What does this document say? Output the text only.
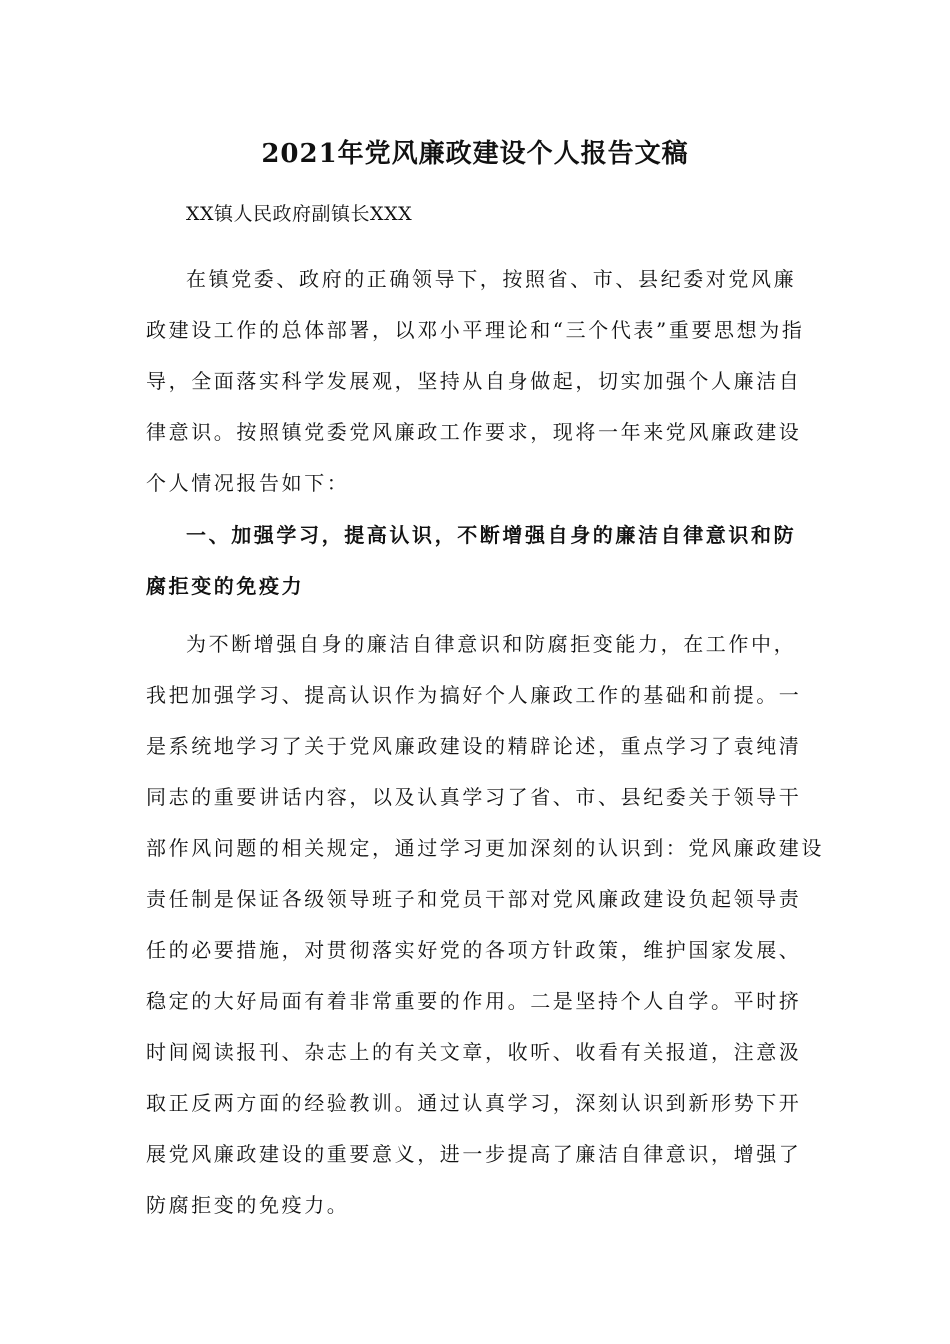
2021年党风廉政建设个人报告文稿
XX镇人民政府副镇长XXX
在镇党委、政府的正确领导下，按照省、市、县纪委对党风廉
政建设工作的总体部署，以邓小平理论和“三个代表”重要思想为指
导，全面落实科学发展观，坚持从自身做起，切实加强个人廉洁自
律意识。按照镇党委党风廉政工作要求，现将一年来党风廉政建设
个人情况报告如下：
一、加强学习，提高认识，不断增强自身的廉洁自律意识和防
腐拒变的免疫力
为不断增强自身的廉洁自律意识和防腐拒变能力，在工作中，
我把加强学习、提高认识作为搞好个人廉政工作的基础和前提。一
是系统地学习了关于党风廉政建设的精辟论述，重点学习了袁纯清
同志的重要讲话内容，以及认真学习了省、市、县纪委关于领导干
部作风问题的相关规定，通过学习更加深刻的认识到：党风廉政建设
责任制是保证各级领导班子和党员干部对党风廉政建设负起领导责
任的必要措施，对贯彻落实好党的各项方针政策，维护国家发展、
稳定的大好局面有着非常重要的作用。二是坚持个人自学。平时挤
时间阅读报刊、杂志上的有关文章，收听、收看有关报道，注意汲
取正反两方面的经验教训。通过认真学习，深刻认识到新形势下开
展党风廉政建设的重要意义，进一步提高了廉洁自律意识，增强了
防腐拒变的免疫力。
